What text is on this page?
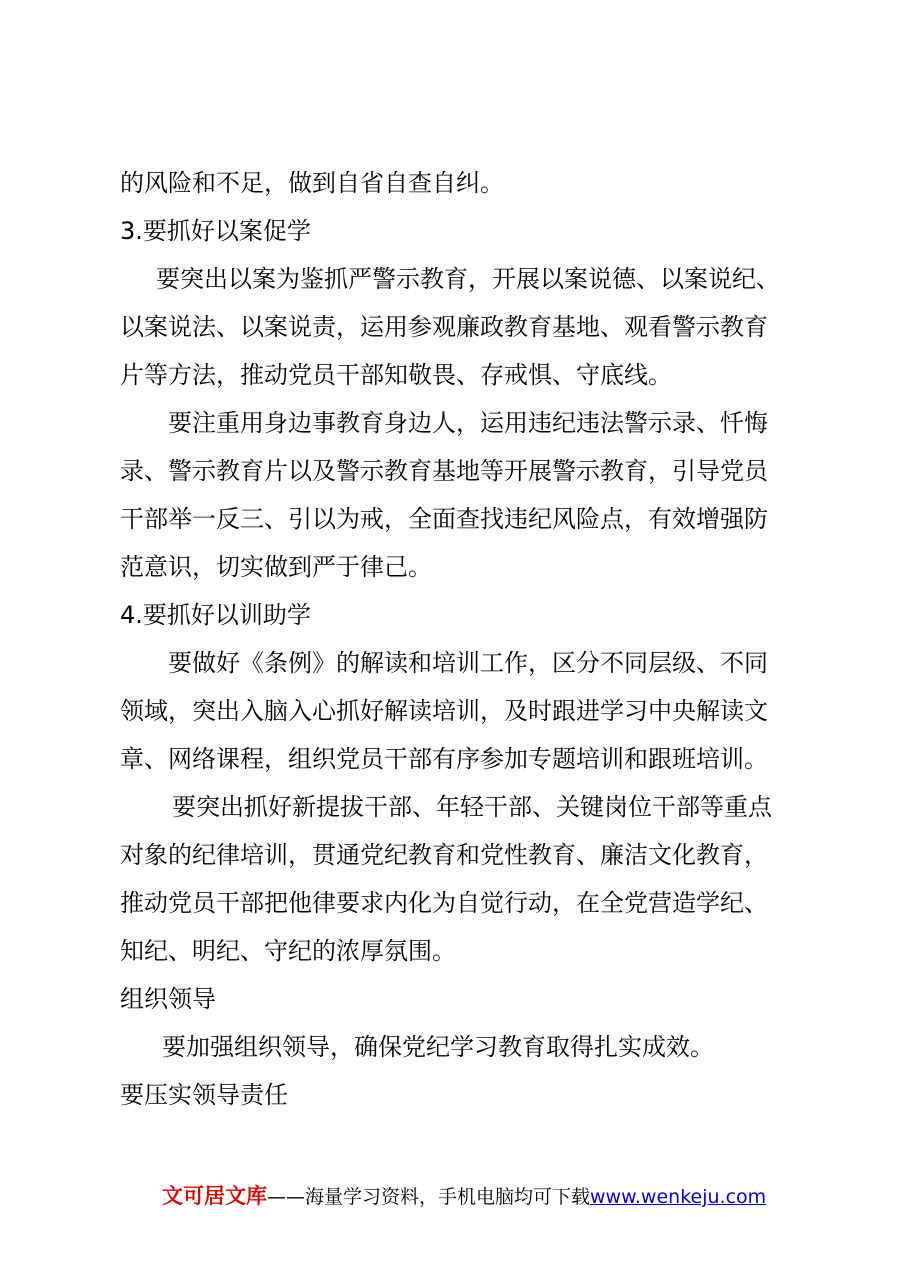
的风险和不足，做到自省自查自纠。
3.要抓好以案促学
要突出以案为鉴抓严警示教育，开展以案说德、以案说纪、
以案说法、以案说责，运用参观廉政教育基地、观看警示教育
片等方法，推动党员干部知敬畏、存戒惧、守底线。
要注重用身边事教育身边人，运用违纪违法警示录、忏悔
录、警示教育片以及警示教育基地等开展警示教育，引导党员
干部举一反三、引以为戒，全面查找违纪风险点，有效增强防
范意识，切实做到严于律己。
4.要抓好以训助学
要做好《条例》的解读和培训工作，区分不同层级、不同
领域，突出入脑入心抓好解读培训，及时跟进学习中央解读文
章、网络课程，组织党员干部有序参加专题培训和跟班培训。
要突出抓好新提拔干部、年轻干部、关键岗位干部等重点
对象的纪律培训，贯通党纪教育和党性教育、廉洁文化教育，
推动党员干部把他律要求内化为自觉行动，在全党营造学纪、
知纪、明纪、守纪的浓厚氛围。
组织领导
要加强组织领导，确保党纪学习教育取得扎实成效。
要压实领导责任
文可居文库——海量学习资料，手机电脑均可下载www.wenkeju.com
